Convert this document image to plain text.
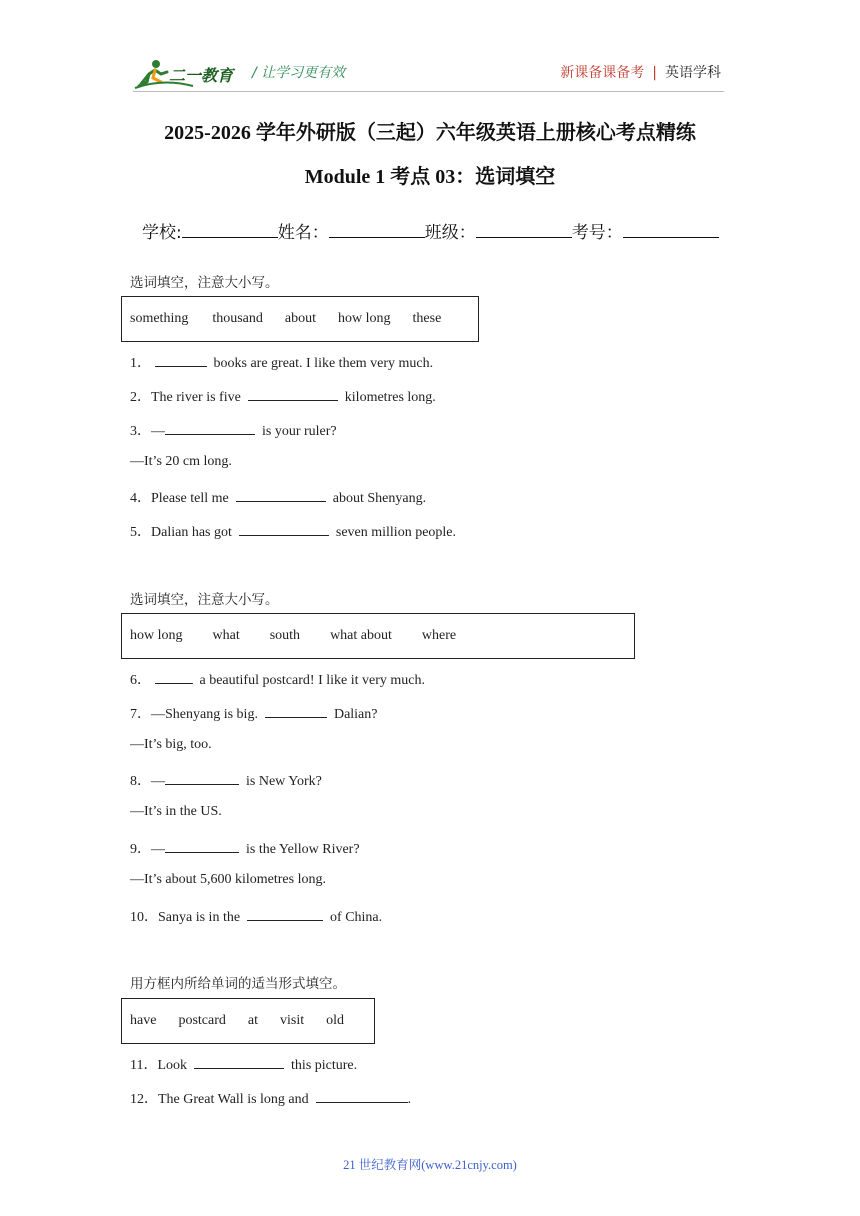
二一教育 / 让学习更有效	新课备课备考 | 英语学科
2025-2026 学年外研版（三起）六年级英语上册核心考点精练
Module 1 考点 03：选词填空
学校:	姓名：	班级：	考号：
选词填空，注意大小写。
something thousand about how long these
1．	books are great. I like them very much.
2．The river is five	kilometres long.
3．—	is your ruler?
—It’s 20 cm long.
4．Please tell me	about Shenyang.
5．Dalian has got	seven million people.
选词填空，注意大小写。
how long what south what about where
6．	a beautiful postcard! I like it very much.
7．—Shenyang is big.	Dalian?
—It’s big, too.
8．—	is New York?
—It’s in the US.
9．—	is the Yellow River?
—It’s about 5,600 kilometres long.
10．Sanya is in the	of China.
用方框内所给单词的适当形式填空。
have postcard at visit old
11．Look	this picture.
12．The Great Wall is long and	.
21 世纪教育网(www.21cnjy.com)
